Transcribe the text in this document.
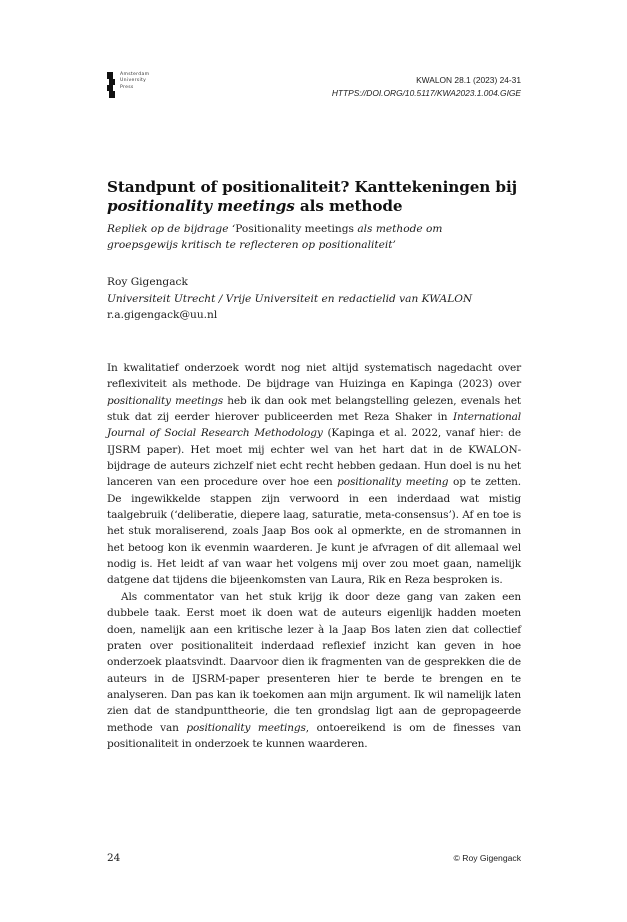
Amsterdam
University
Press
KWALON 28.1 (2023) 24-31
HTTPS://DOI.ORG/10.5117/KWA2023.1.004.GIGE
Standpunt of positionaliteit? Kanttekeningen bij
positionality meetings als methode
Repliek op de bijdrage ‘Positionality meetings als methode om
groepsgewijs kritisch te reflecteren op positionaliteit’
Roy Gigengack
Universiteit Utrecht / Vrije Universiteit en redactielid van KWALON
r.a.gigengack@uu.nl

In kwalitatief onderzoek wordt nog niet altijd systematisch nagedacht over reflexiviteit als methode. De bijdrage van Huizinga en Kapinga (2023) over positionality meetings heb ik dan ook met belangstelling gelezen, evenals het stuk dat zij eerder hierover publiceerden met Reza Shaker in International Journal of Social Research Methodology (Kapinga et al. 2022, vanaf hier: de IJSRM paper). Het moet mij echter wel van het hart dat in de KWALON-bijdrage de auteurs zichzelf niet echt recht hebben gedaan. Hun doel is nu het lanceren van een procedure over hoe een positionality meeting op te zetten. De ingewikkelde stappen zijn verwoord in een inderdaad wat mistig taalgebruik (‘deliberatie, diepere laag, saturatie, meta-consensus’). Af en toe is het stuk moraliserend, zoals Jaap Bos ook al opmerkte, en de stromannen in het betoog kon ik evenmin waarderen. Je kunt je afvragen of dit allemaal wel nodig is. Het leidt af van waar het volgens mij over zou moet gaan, namelijk datgene dat tijdens die bijeenkomsten van Laura, Rik en Reza besproken is.

Als commentator van het stuk krijg ik door deze gang van zaken een dubbele taak. Eerst moet ik doen wat de auteurs eigenlijk hadden moeten doen, namelijk aan een kritische lezer à la Jaap Bos laten zien dat collectief praten over positionaliteit inderdaad reflexief inzicht kan geven in hoe onderzoek plaatsvindt. Daarvoor dien ik fragmenten van de gesprekken die de auteurs in de IJSRM-paper presenteren hier te berde te brengen en te analyseren. Dan pas kan ik toekomen aan mijn argument. Ik wil namelijk laten zien dat de standpunttheorie, die ten grondslag ligt aan de gepropageerde methode van positionality meetings, ontoereikend is om de finesses van positionaliteit in onderzoek te kunnen waarderen.

24	© Roy Gigengack
